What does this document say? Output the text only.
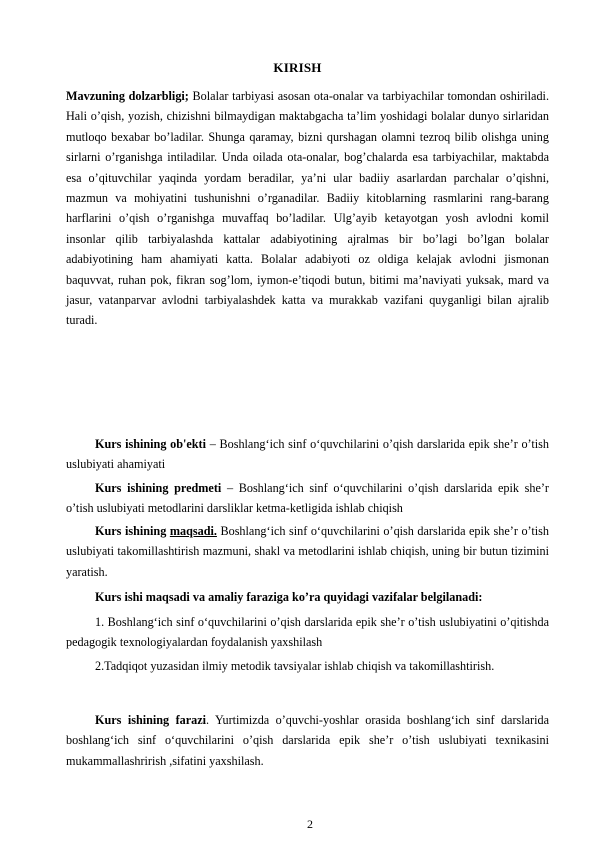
KIRISH
Mavzuning dolzarbligi; Bolalar tarbiyasi asosan ota-onalar va tarbiyachilar tomondan oshiriladi. Hali o’qish, yozish, chizishni bilmaydigan maktabgacha ta’lim yoshidagi bolalar dunyo sirlaridan mutloqo bexabar bo’ladilar. Shunga qaramay, bizni qurshagan olamni tezroq bilib olishga uning sirlarni o’rganishga intiladilar. Unda oilada ota-onalar, bog’chalarda esa tarbiyachilar, maktabda esa o’qituvchilar yaqinda yordam beradilar, ya’ni ular badiiy asarlardan parchalar o’qishni, mazmun va mohiyatini tushunishni o’rganadilar. Badiiy kitoblarning rasmlarini rang-barang harflarini o’qish o’rganishga muvaffaq bo’ladilar. Ulg’ayib ketayotgan yosh avlodni komil insonlar qilib tarbiyalashda kattalar adabiyotining ajralmas bir bo’lagi bo’lgan bolalar adabiyotining ham ahamiyati katta. Bolalar adabiyoti oz oldiga kelajak avlodni jismonan baquvvat, ruhan pok, fikran sog’lom, iymon-e’tiqodi butun, bitimi ma’naviyati yuksak, mard va jasur, vatanparvar avlodni tarbiyalashdek katta va murakkab vazifani quyganligi bilan ajralib turadi.
Kurs ishining ob'ekti – Boshlang‘ich sinf o‘quvchilarini o’qish darslarida epik she’r o’tish uslubiyati ahamiyati
Kurs ishining predmeti – Boshlang‘ich sinf o‘quvchilarini o’qish darslarida epik she’r o’tish uslubiyati metodlarini darsliklar ketma-ketligida ishlab chiqish
Kurs ishining maqsadi. Boshlang‘ich sinf o‘quvchilarini o’qish darslarida epik she’r o’tish uslubiyati takomillashtirish mazmuni, shakl va metodlarini ishlab chiqish, uning bir butun tizimini yaratish.
Kurs ishi maqsadi va amaliy faraziga ko’ra quyidagi vazifalar belgilanadi:
1. Boshlang‘ich sinf o‘quvchilarini o’qish darslarida epik she’r o’tish uslubiyatini o’qitishda pedagogik texnologiyalardan foydalanish yaxshilash
2.Tadqiqot yuzasidan ilmiy metodik tavsiyalar ishlab chiqish va takomillashtirish.
Kurs ishining farazi. Yurtimizda o’quvchi-yoshlar orasida boshlang‘ich sinf darslarida boshlang‘ich sinf o‘quvchilarini o’qish darslarida epik she’r o’tish uslubiyati texnikasini mukammallashrirish ,sifatini yaxshilash.
2
